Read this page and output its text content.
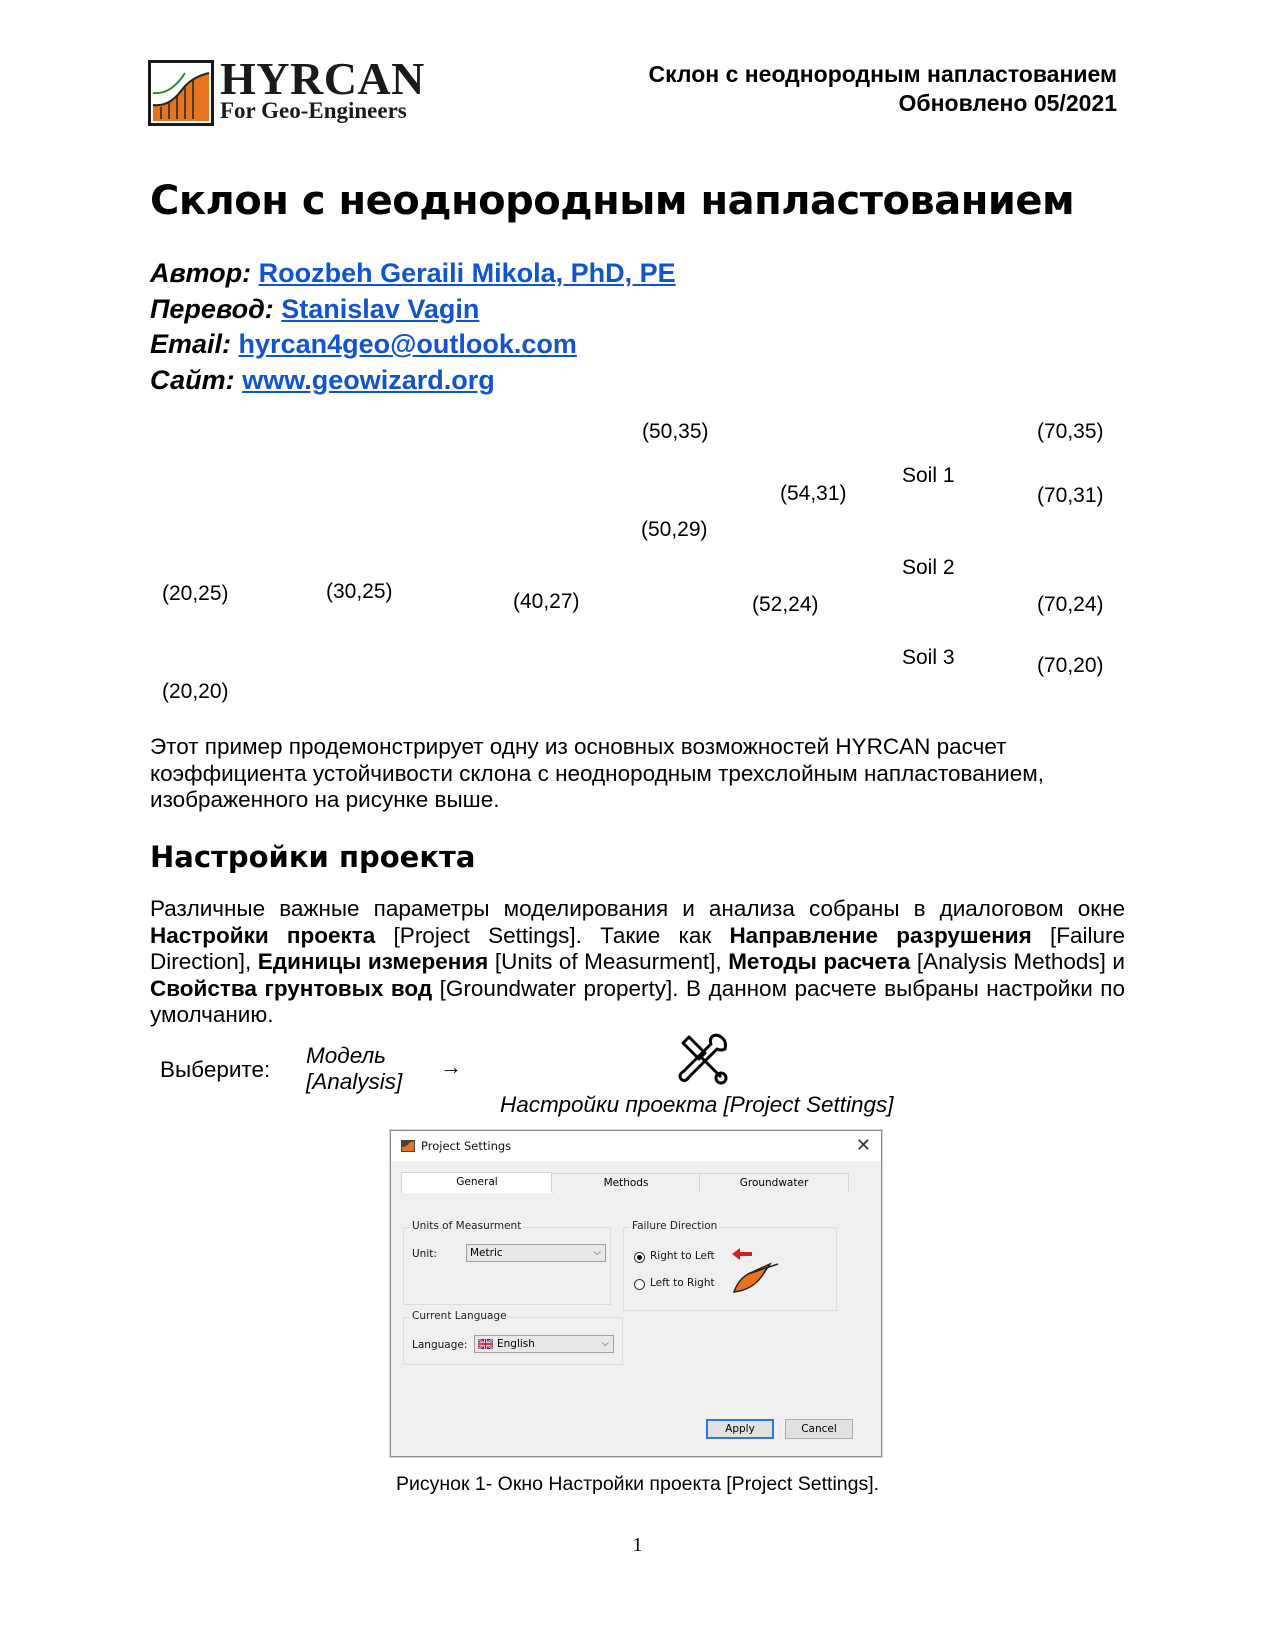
HYRCAN
For Geo-Engineers
Склон с неоднородным напластованием
Обновлено 05/2021
Склон с неоднородным напластованием
Автор: Roozbeh Geraili Mikola, PhD, PE
Перевод: Stanislav Vagin
Email: hyrcan4geo@outlook.com
Сайт: www.geowizard.org
Soil 1
Soil 2
Soil 3
(20,25)	(30,25)
(50,35)	(70,35)
(54,31)	(70,31)
(50,29)
(40,27)	(52,24)	(70,24)
(70,20)
(20,20)
Этот пример продемонстрирует одну из основных возможностей HYRCAN расчет коэффициента устойчивости склона с неоднородным трехслойным напластованием, изображенного на рисунке выше.
Настройки проекта
Различные важные параметры моделирования и анализа собраны в диалоговом окне Настройки проекта [Project Settings]. Такие как Направление разрушения [Failure Direction], Единицы измерения [Units of Measurment], Методы расчета [Analysis Methods] и Свойства грунтовых вод [Groundwater property]. В данном расчете выбраны настройки по умолчанию.
Выберите:
Модель
[Analysis]
→
Настройки проекта [Project Settings]
Project Settings	✕
General	Methods	Groundwater
Units of Measurment
Unit:	Metric	⌵
Failure Direction
Right to Left
Left to Right
Current Language
Language:	English	⌵
Apply	Cancel
Рисунок 1- Окно Настройки проекта [Project Settings].
1
